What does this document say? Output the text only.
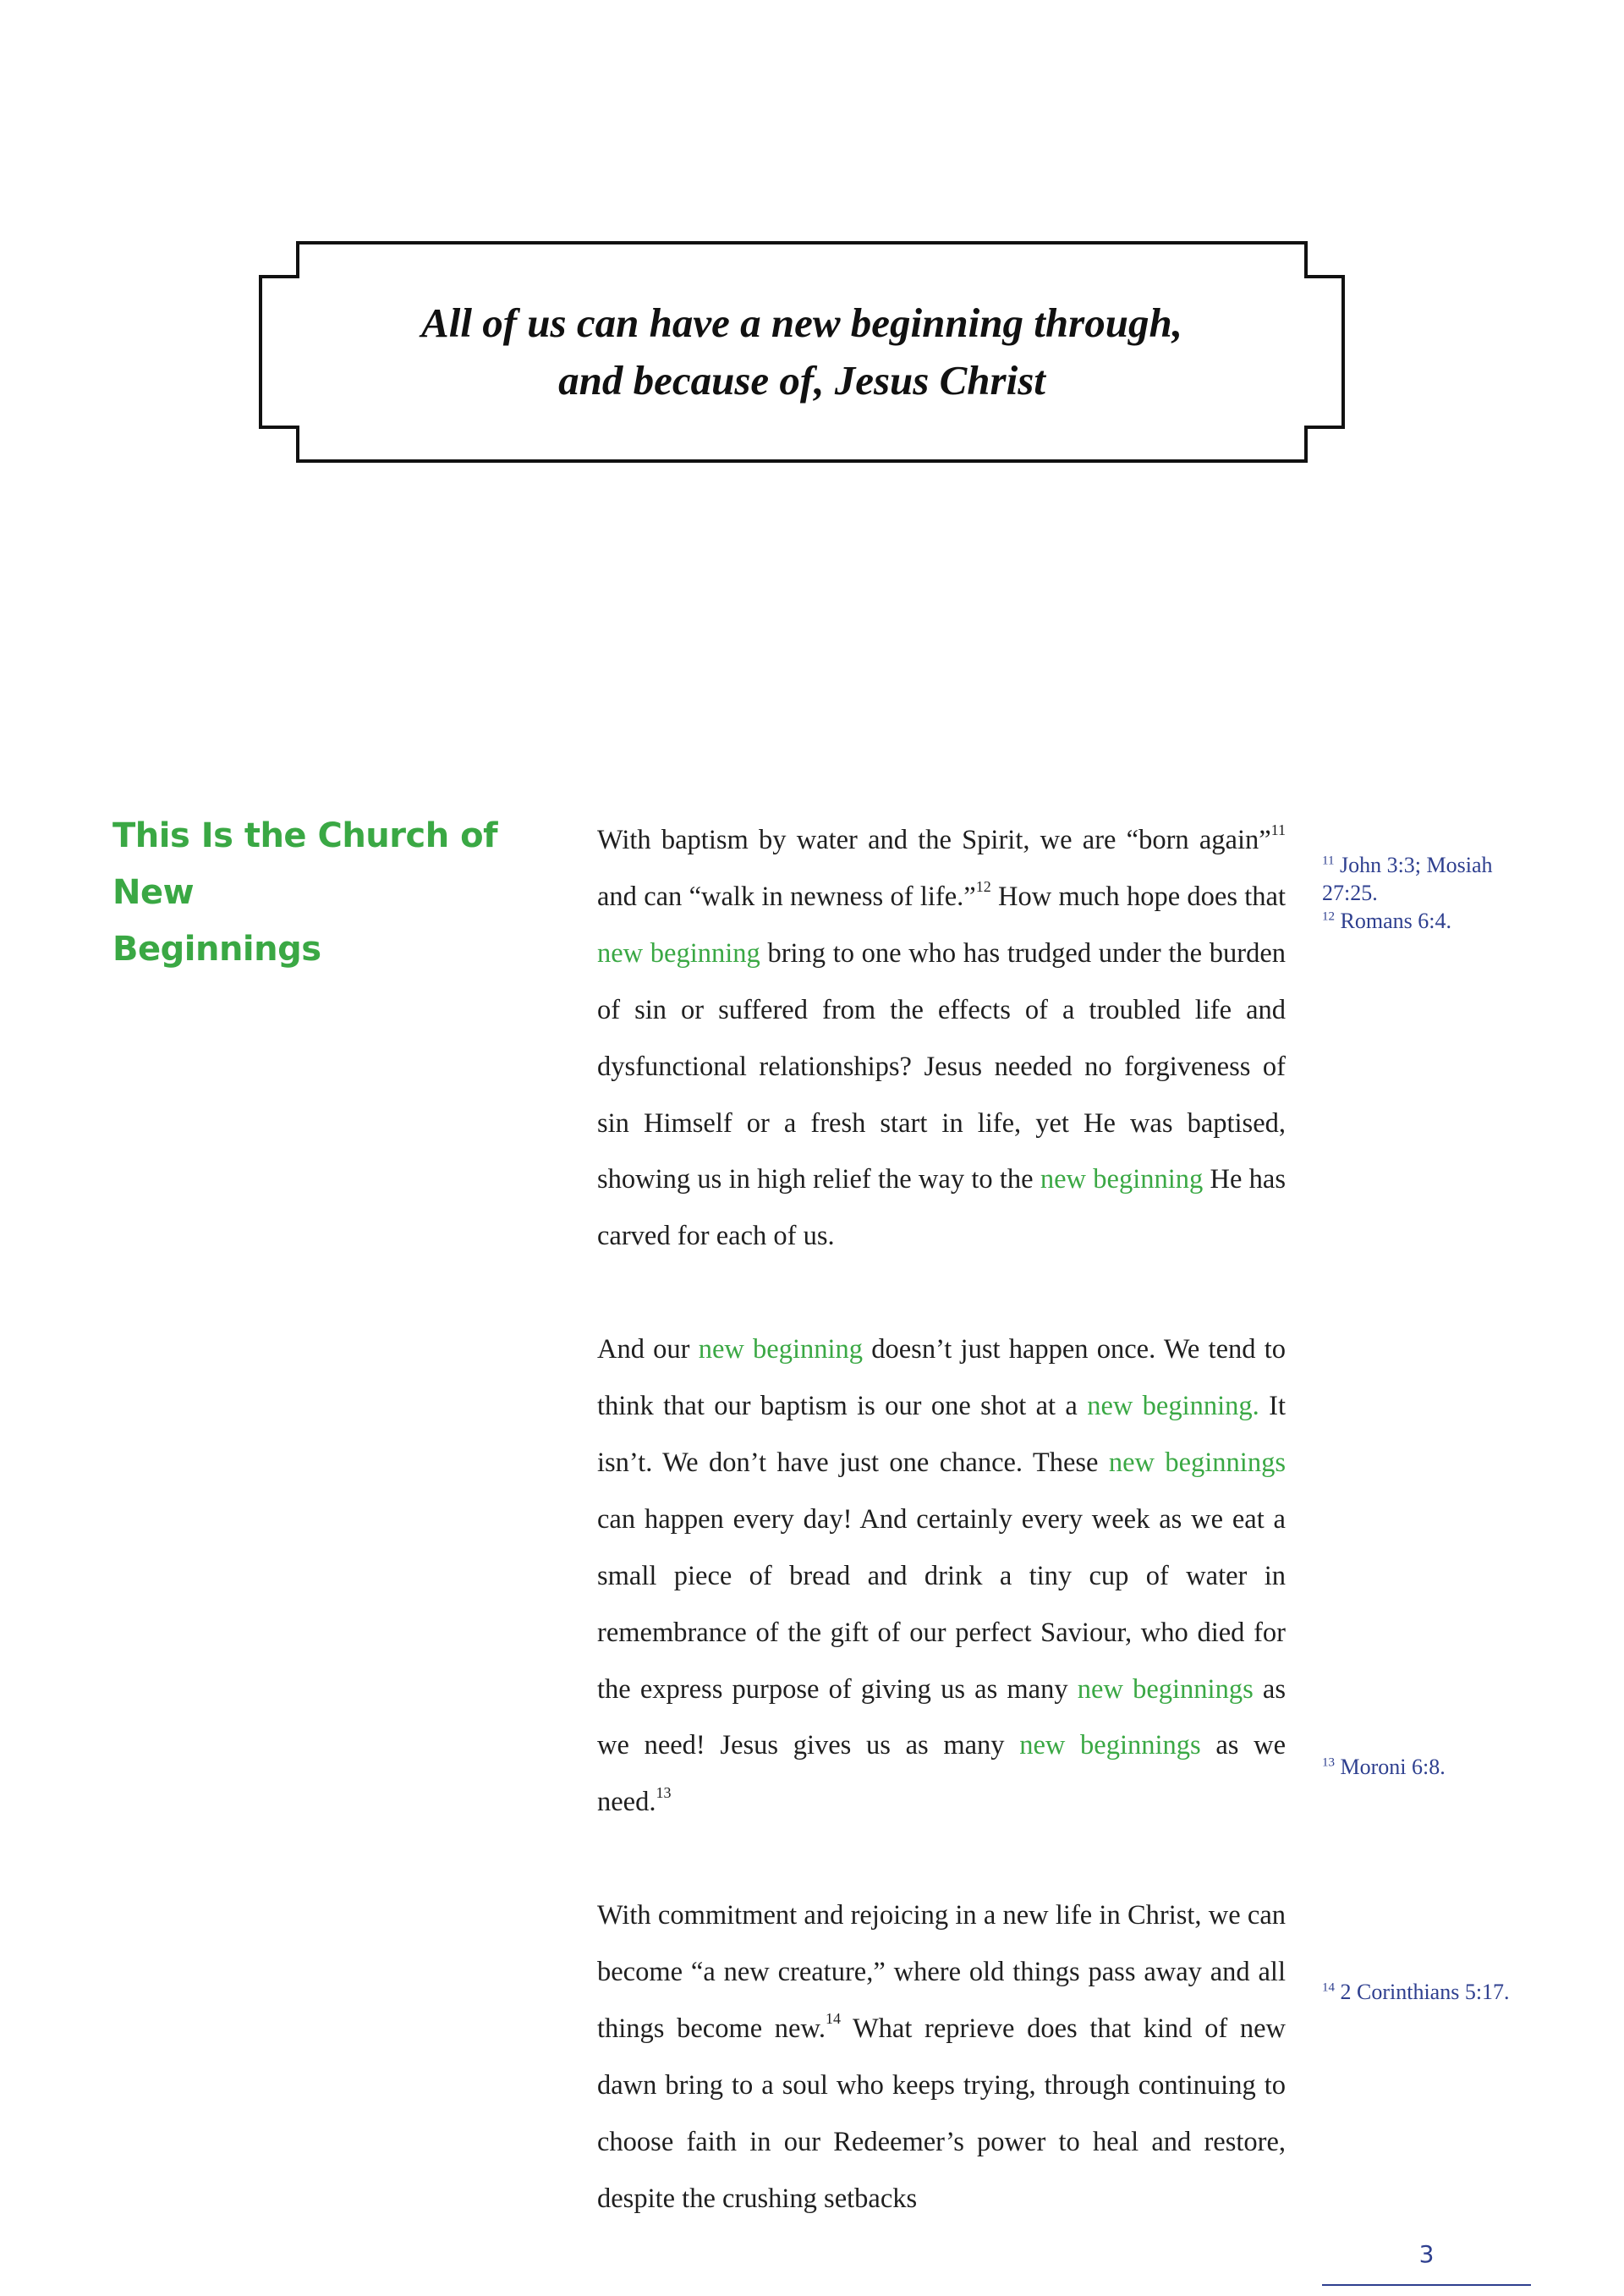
All of us can have a new beginning through,
and because of, Jesus Christ
This Is the Church of New
Beginnings

With baptism by water and the Spirit, we are “born again”$^{11}$ and can “walk in newness of life.”$^{12}$ How much hope does that new beginning bring to one who has trudged under the burden of sin or suffered from the effects of a troubled life and dysfunctional relationships? Jesus needed no forgiveness of sin Himself or a fresh start in life, yet He was baptised, showing us in high relief the way to the new beginning He has carved for each of us.

And our new beginning doesn’t just happen once. We tend to think that our baptism is our one shot at a new beginning. It isn’t. We don’t have just one chance. These new beginnings can happen every day! And certainly every week as we eat a small piece of bread and drink a tiny cup of water in remembrance of the gift of our perfect Saviour, who died for the express purpose of giving us as many new beginnings as we need! Jesus gives us as many new beginnings as we need.$^{13}$

With commitment and rejoicing in a new life in Christ, we can become “a new creature,” where old things pass away and all things become new.$^{14}$ What reprieve does that kind of new dawn bring to a soul who keeps trying, through continuing to choose faith in our Redeemer’s power to heal and restore, despite the crushing setbacks

$^{11}$ John 3:3; Mosiah 27:25.
$^{12}$ Romans 6:4.
$^{13}$ Moroni 6:8.
$^{14}$ 2 Corinthians 5:17.
3
